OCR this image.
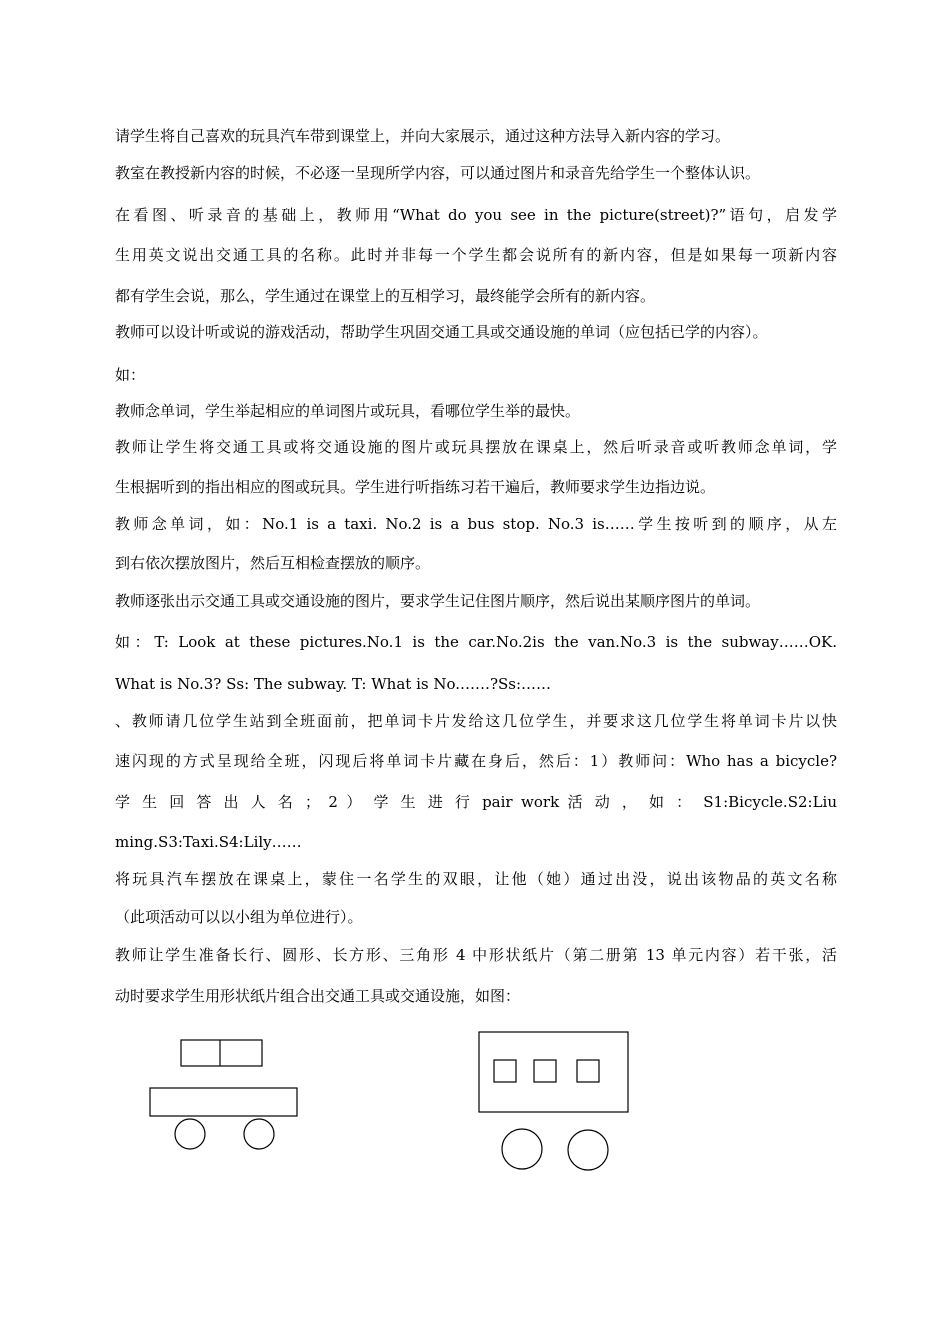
请学生将自己喜欢的玩具汽车带到课堂上，并向大家展示，通过这种方法导入新内容的学习。
教室在教授新内容的时候，不必逐一呈现所学内容，可以通过图片和录音先给学生一个整体认识。
在看图、听录音的基础上，教师用“What do you see in the picture(street)?”语句，启发学
生用英文说出交通工具的名称。此时并非每一个学生都会说所有的新内容，但是如果每一项新内容
都有学生会说，那么，学生通过在课堂上的互相学习，最终能学会所有的新内容。
教师可以设计听或说的游戏活动，帮助学生巩固交通工具或交通设施的单词（应包括已学的内容）。
如：
教师念单词，学生举起相应的单词图片或玩具，看哪位学生举的最快。
教师让学生将交通工具或将交通设施的图片或玩具摆放在课桌上，然后听录音或听教师念单词，学
生根据听到的指出相应的图或玩具。学生进行听指练习若干遍后，教师要求学生边指边说。
教师念单词，如：No.1 is a taxi. No.2 is a bus stop. No.3 is……学生按听到的顺序，从左
到右依次摆放图片，然后互相检查摆放的顺序。
教师逐张出示交通工具或交通设施的图片，要求学生记住图片顺序，然后说出某顺序图片的单词。
如：T: Look at these pictures.No.1 is the car.No.2is the van.No.3 is the subway……OK.
What is No.3? Ss: The subway. T: What is No.……?Ss:……
、教师请几位学生站到全班面前，把单词卡片发给这几位学生，并要求这几位学生将单词卡片以快
速闪现的方式呈现给全班，闪现后将单词卡片藏在身后，然后：1）教师问：Who has a bicycle?
学 生 回 答 出 人 名 ； 2 ） 学 生 进 行 pair work 活 动 ， 如 ： S1:Bicycle.S2:Liu
ming.S3:Taxi.S4:Lily……
将玩具汽车摆放在课桌上，蒙住一名学生的双眼，让他（她）通过出没，说出该物品的英文名称
（此项活动可以以小组为单位进行）。
教师让学生准备长行、圆形、长方形、三角形 4 中形状纸片（第二册第 13 单元内容）若干张，活
动时要求学生用形状纸片组合出交通工具或交通设施，如图：
